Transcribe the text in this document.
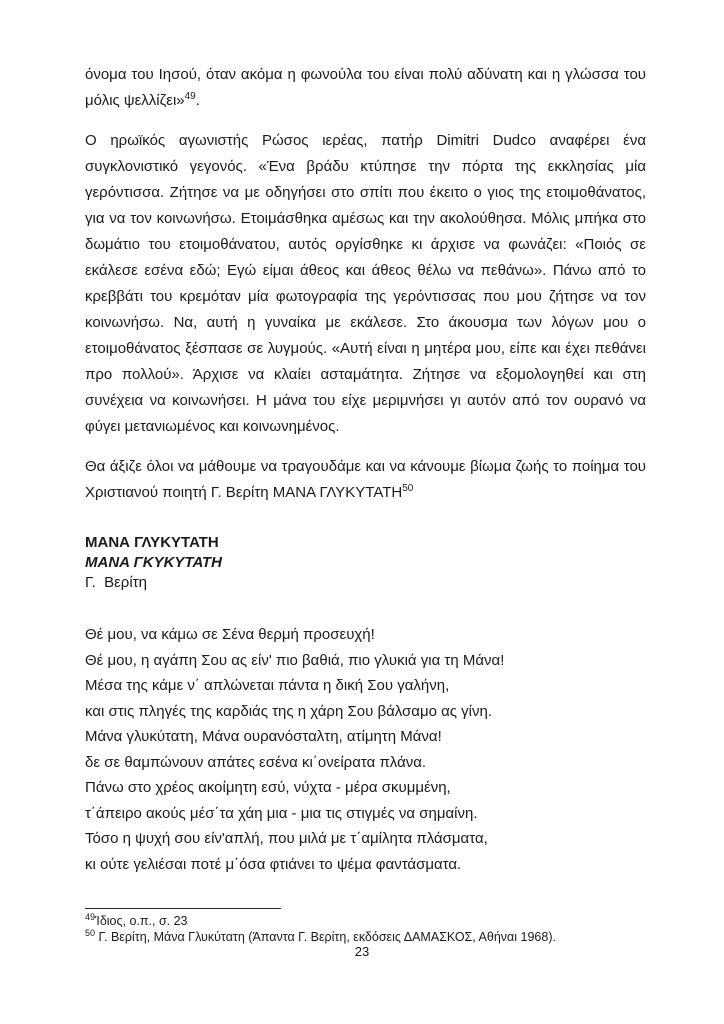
όνομα του Ιησού, όταν ακόμα η φωνούλα του είναι πολύ αδύνατη και η γλώσσα του μόλις ψελλίζει»$^{49}$.

Ο ηρωϊκός αγωνιστής Ρώσος ιερέας, πατήρ Dimitri Dudco αναφέρει ένα συγκλονιστικό γεγονός. «Ένα βράδυ κτύπησε την πόρτα της εκκλησίας μία γερόντισσα. Ζήτησε να με οδηγήσει στο σπίτι που έκειτο ο γιος της ετοιμοθάνατος, για να τον κοινωνήσω. Ετοιμάσθηκα αμέσως και την ακολούθησα. Μόλις μπήκα στο δωμάτιο του ετοιμοθάνατου, αυτός οργίσθηκε κι άρχισε να φωνάζει: «Ποιός σε εκάλεσε εσένα εδώ; Εγώ είμαι άθεος και άθεος θέλω να πεθάνω». Πάνω από το κρεββάτι του κρεμόταν μία φωτογραφία της γερόντισσας που μου ζήτησε να τον κοινωνήσω. Να, αυτή η γυναίκα με εκάλεσε. Στο άκουσμα των λόγων μου ο ετοιμοθάνατος ξέσπασε σε λυγμούς. «Αυτή είναι η μητέρα μου, είπε και έχει πεθάνει προ πολλού». Άρχισε να κλαίει ασταμάτητα. Ζήτησε να εξομολογηθεί και στη συνέχεια να κοινωνήσει. Η μάνα του είχε μεριμνήσει γι αυτόν από τον ουρανό να φύγει μετανιωμένος και κοινωνημένος.

Θα άξιζε όλοι να μάθουμε να τραγουδάμε και να κάνουμε βίωμα ζωής το ποίημα του Χριστιανού ποιητή Γ. Βερίτη ΜΑΝΑ ΓΛΥΚΥΤΑΤΗ$^{50}$

ΜΑΝΑ ΓΛΥΚΥΤΑΤΗ
ΜΑΝΑ ΓΚΥΚΥΤΑΤΗ
Γ.  Βερίτη
Θέ μου, να κάμω σε Σένα θερμή προσευχή!
Θέ μου, η αγάπη Σου ας είν' πιο βαθιά, πιο γλυκιά για τη Μάνα!
Μέσα της κάμε ν΄ απλώνεται πάντα η δική Σου γαλήνη,
και στις πληγές της καρδιάς της η χάρη Σου βάλσαμο ας γίνη.
Μάνα γλυκύτατη, Μάνα ουρανόσταλτη, ατίμητη Μάνα!
δε σε θαμπώνουν απάτες εσένα κι΄ονείρατα πλάνα.
Πάνω στο χρέος ακοίμητη εσύ, νύχτα - μέρα σκυμμένη,
τ΄άπειρο ακούς μέσ΄τα χάη μια - μια τις στιγμές να σημαίνη.
Τόσο η ψυχή σου είν'απλή, που μιλά με τ΄αμίλητα πλάσματα,
κι ούτε γελιέσαι ποτέ μ΄όσα φτιάνει το ψέμα φαντάσματα.
$^{49}$Ίδιος, ο.π., σ. 23
$^{50}$ Γ. Βερίτη, Μάνα Γλυκύτατη (Άπαντα Γ. Βερίτη, εκδόσεις ΔΑΜΑΣΚΟΣ, Αθήναι 1968).
23
